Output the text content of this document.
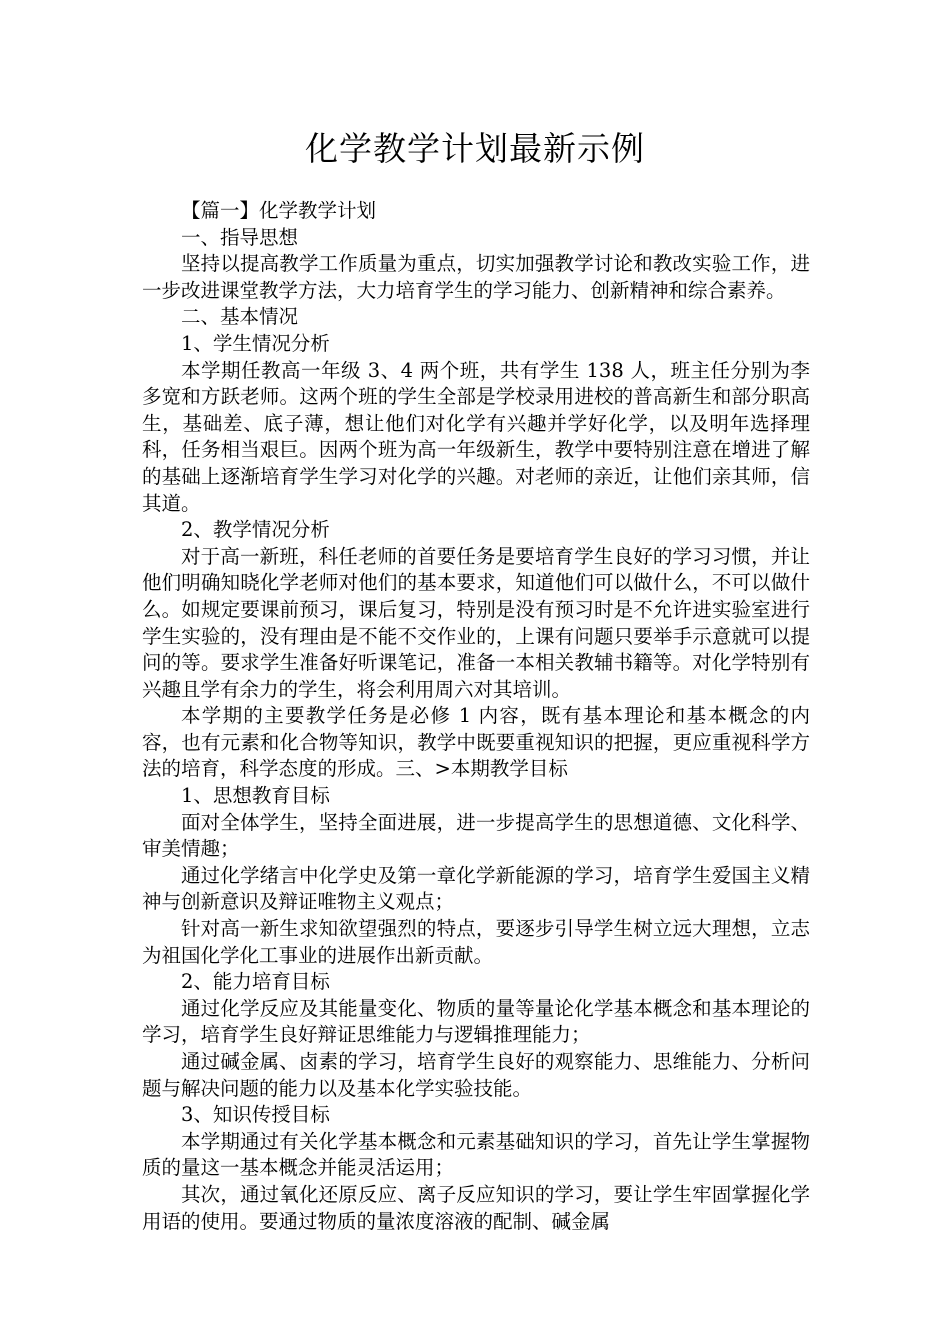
化学教学计划最新示例

【篇一】化学教学计划

一、指导思想

坚持以提高教学工作质量为重点，切实加强教学讨论和教改实验工作，进一步改进课堂教学方法，大力培育学生的学习能力、创新精神和综合素养。

二、基本情况

1、学生情况分析

本学期任教高一年级 3、4 两个班，共有学生 138 人，班主任分别为李多宽和方跃老师。这两个班的学生全部是学校录用进校的普高新生和部分职高生，基础差、底子薄，想让他们对化学有兴趣并学好化学，以及明年选择理科，任务相当艰巨。因两个班为高一年级新生，教学中要特别注意在增进了解的基础上逐渐培育学生学习对化学的兴趣。对老师的亲近，让他们亲其师，信其道。

2、教学情况分析

对于高一新班，科任老师的首要任务是要培育学生良好的学习习惯，并让他们明确知晓化学老师对他们的基本要求，知道他们可以做什么，不可以做什么。如规定要课前预习，课后复习，特别是没有预习时是不允许进实验室进行学生实验的，没有理由是不能不交作业的，上课有问题只要举手示意就可以提问的等。要求学生准备好听课笔记，准备一本相关教辅书籍等。对化学特别有兴趣且学有余力的学生，将会利用周六对其培训。

本学期的主要教学任务是必修 1 内容，既有基本理论和基本概念的内容，也有元素和化合物等知识，教学中既要重视知识的把握，更应重视科学方法的培育，科学态度的形成。三、>本期教学目标

1、思想教育目标

面对全体学生，坚持全面进展，进一步提高学生的思想道德、文化科学、审美情趣；

通过化学绪言中化学史及第一章化学新能源的学习，培育学生爱国主义精神与创新意识及辩证唯物主义观点；

针对高一新生求知欲望强烈的特点，要逐步引导学生树立远大理想，立志为祖国化学化工事业的进展作出新贡献。

2、能力培育目标

通过化学反应及其能量变化、物质的量等量论化学基本概念和基本理论的学习，培育学生良好辩证思维能力与逻辑推理能力；

通过碱金属、卤素的学习，培育学生良好的观察能力、思维能力、分析问题与解决问题的能力以及基本化学实验技能。

3、知识传授目标

本学期通过有关化学基本概念和元素基础知识的学习，首先让学生掌握物质的量这一基本概念并能灵活运用；

其次，通过氧化还原反应、离子反应知识的学习，要让学生牢固掌握化学用语的使用。要通过物质的量浓度溶液的配制、碱金属
